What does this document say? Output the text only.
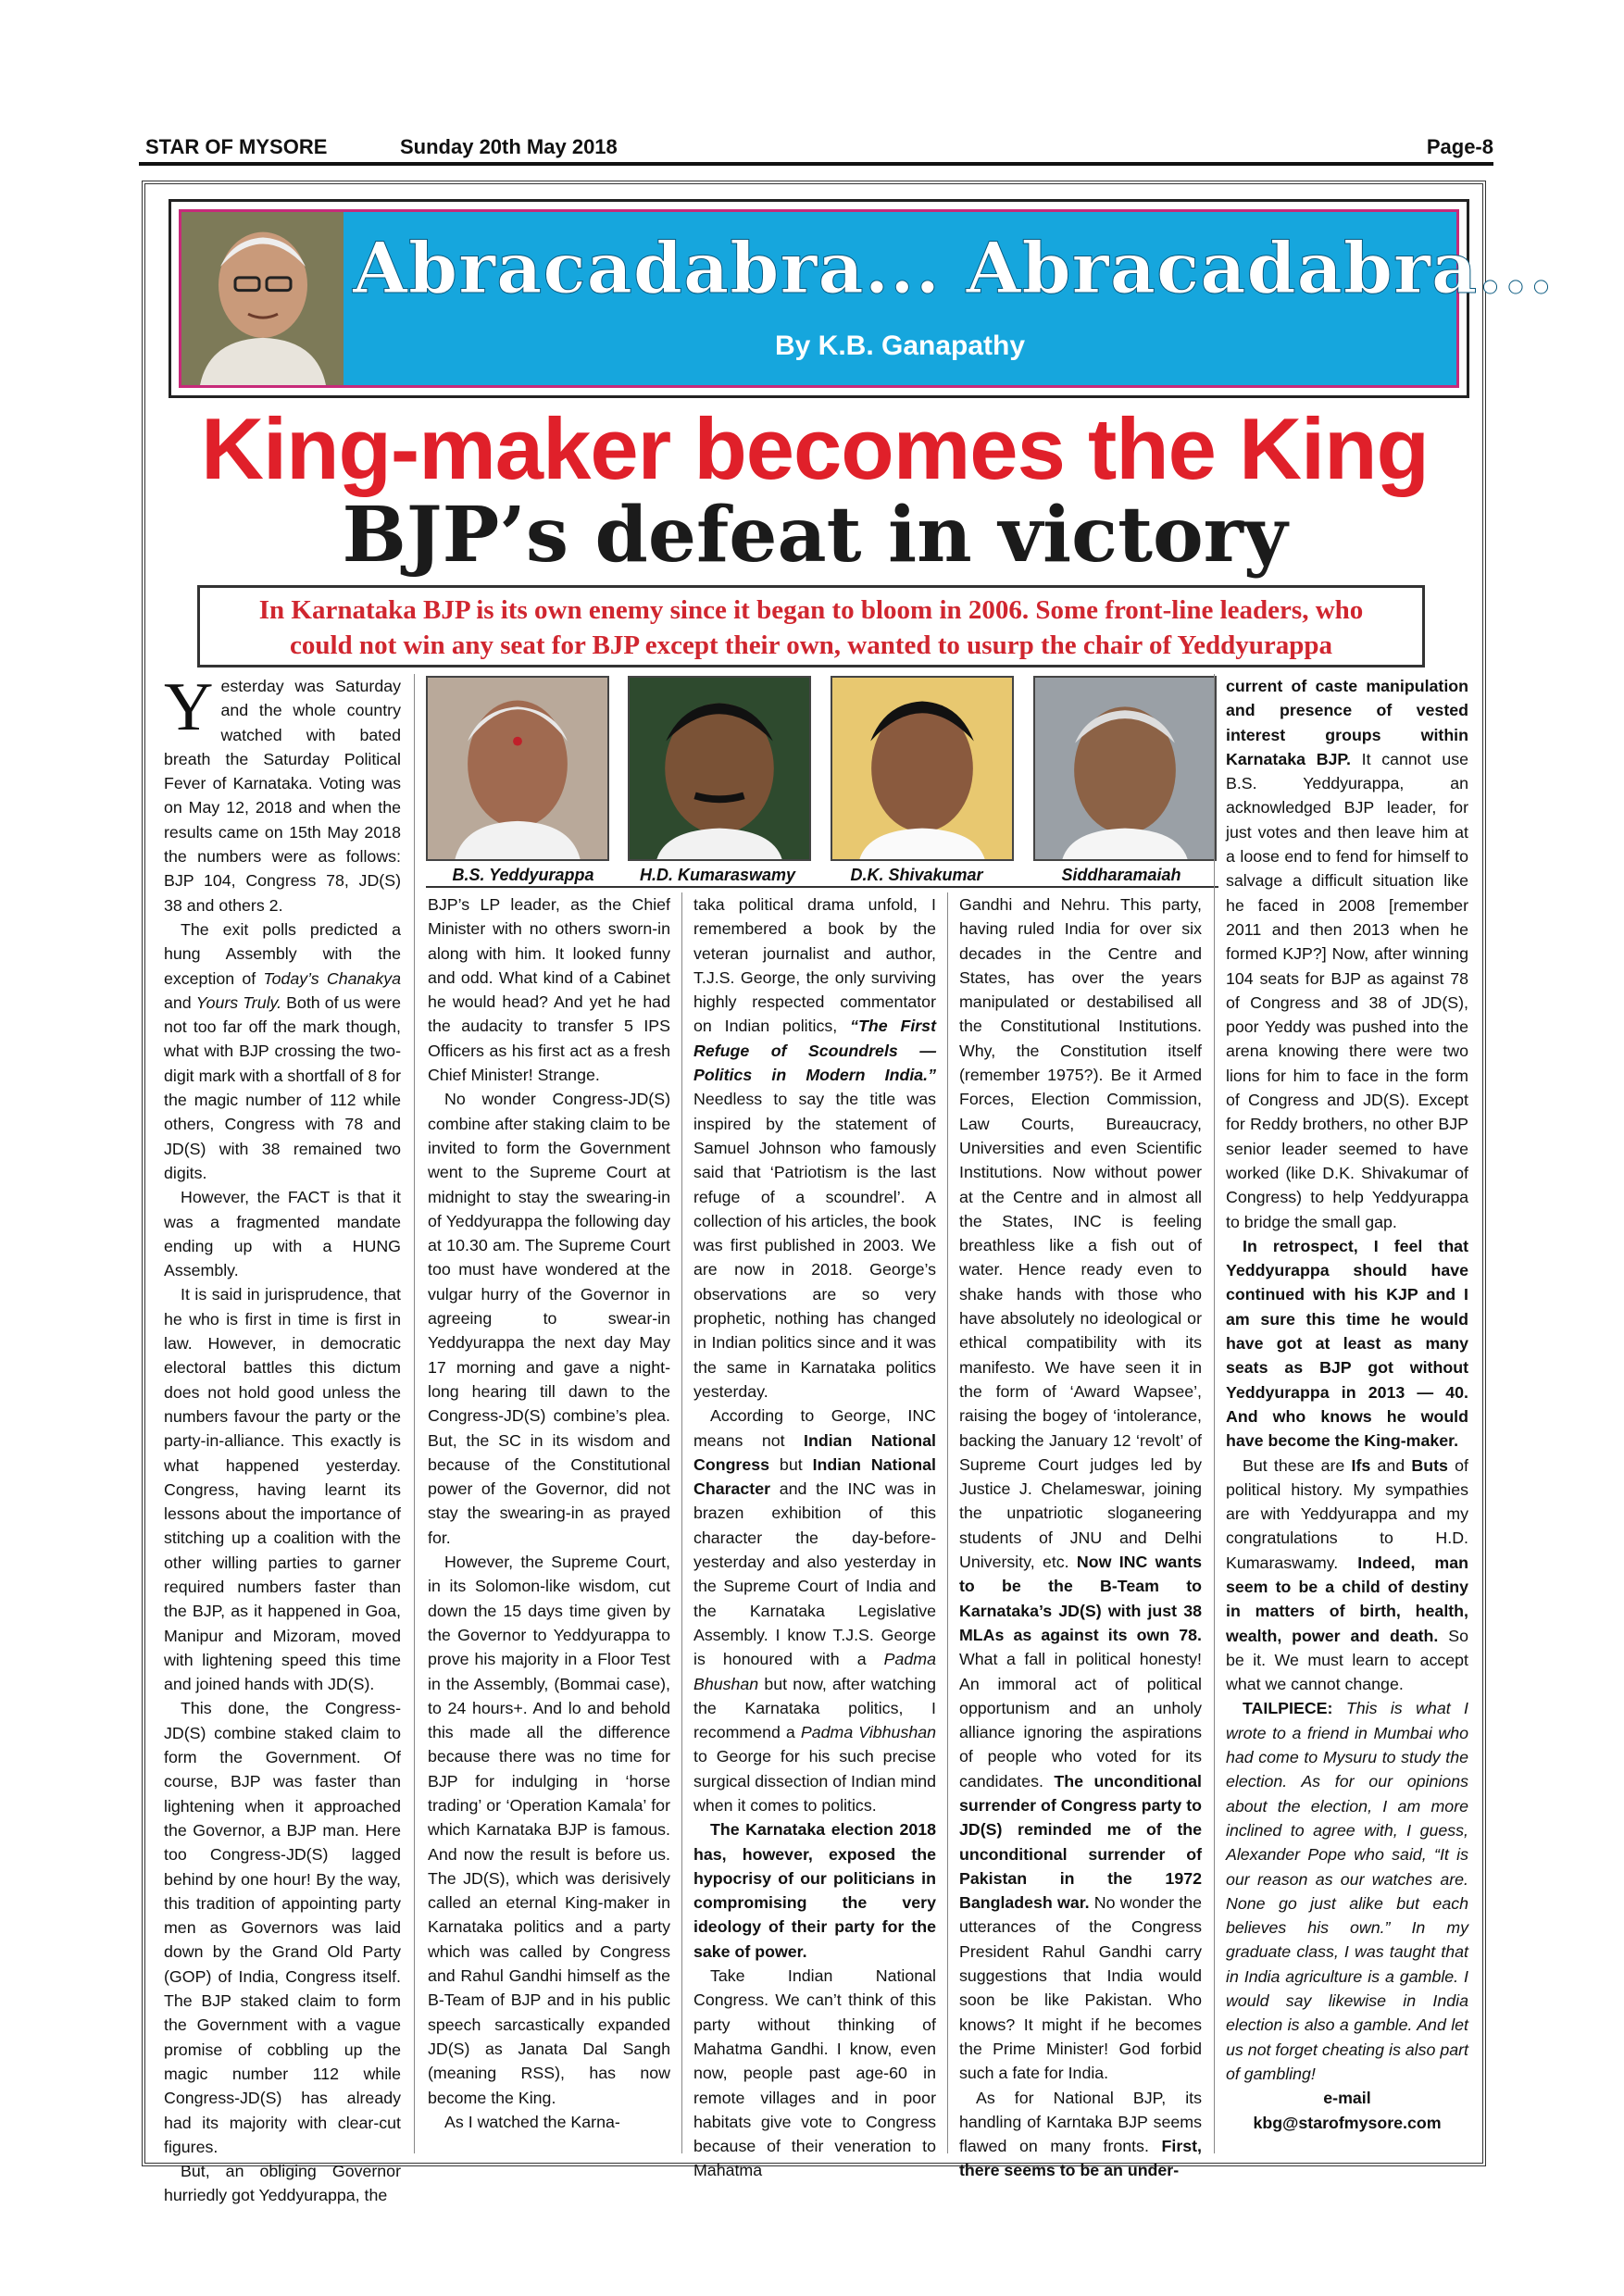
STAR OF MYSORE	Sunday 20th May 2018	Page-8
Abracadabra... Abracadabra...
By K.B. Ganapathy
King-maker becomes the King
BJP’s defeat in victory
In Karnataka BJP is its own enemy since it began to bloom in 2006. Some front-line leaders, who
could not win any seat for BJP except their own, wanted to usurp the chair of Yeddyurappa
B.S. Yeddyurappa	H.D. Kumaraswamy	D.K. Shivakumar	Siddharamaiah

Yesterday was Saturday and the whole country watched with bated breath the Saturday Political Fever of Karnataka. Voting was on May 12, 2018 and when the results came on 15th May 2018 the numbers were as follows: BJP 104, Congress 78, JD(S) 38 and others 2.

The exit polls predicted a hung Assembly with the exception of Today’s Chanakya and Yours Truly. Both of us were not too far off the mark though, what with BJP crossing the two-digit mark with a shortfall of 8 for the magic number of 112 while others, Congress with 78 and JD(S) with 38 remained two digits.

However, the FACT is that it was a fragmented mandate ending up with a HUNG Assembly.

It is said in jurisprudence, that he who is first in time is first in law. However, in democratic electoral battles this dictum does not hold good unless the numbers favour the party or the party-in-alliance. This exactly is what happened yesterday. Congress, having learnt its lessons about the importance of stitching up a coalition with the other willing parties to garner required numbers faster than the BJP, as it happened in Goa, Manipur and Mizoram, moved with lightening speed this time and joined hands with JD(S).

This done, the Congress-JD(S) combine staked claim to form the Government. Of course, BJP was faster than lightening when it approached the Governor, a BJP man. Here too Congress-JD(S) lagged behind by one hour! By the way, this tradition of appointing party men as Governors was laid down by the Grand Old Party (GOP) of India, Congress itself. The BJP staked claim to form the Government with a vague promise of cobbling up the magic number 112 while Congress-JD(S) has already had its majority with clear-cut figures.

But, an obliging Governor hurriedly got Yeddyurappa, the

BJP’s LP leader, as the Chief Minister with no others sworn-in along with him. It looked funny and odd. What kind of a Cabinet he would head? And yet he had the audacity to transfer 5 IPS Officers as his first act as a fresh Chief Minister! Strange.

No wonder Congress-JD(S) combine after staking claim to be invited to form the Government went to the Supreme Court at midnight to stay the swearing-in of Yeddyurappa the following day at 10.30 am. The Supreme Court too must have wondered at the vulgar hurry of the Governor in agreeing to swear-in Yeddyurappa the next day May 17 morning and gave a night-long hearing till dawn to the Congress-JD(S) combine’s plea. But, the SC in its wisdom and because of the Constitutional power of the Governor, did not stay the swearing-in as prayed for.

However, the Supreme Court, in its Solomon-like wisdom, cut down the 15 days time given by the Governor to Yeddyurappa to prove his majority in a Floor Test in the Assembly, (Bommai case), to 24 hours+. And lo and behold this made all the difference because there was no time for BJP for indulging in ‘horse trading’ or ‘Operation Kamala’ for which Karnataka BJP is famous. And now the result is before us. The JD(S), which was derisively called an eternal King-maker in Karnataka politics and a party which was called by Congress and Rahul Gandhi himself as the B-Team of BJP and in his public speech sarcastically expanded JD(S) as Janata Dal Sangh (meaning RSS), has now become the King.

As I watched the Karna-

taka political drama unfold, I remembered a book by the veteran journalist and author, T.J.S. George, the only surviving highly respected commentator on Indian politics, “The First Refuge of Scoundrels — Politics in Modern India.” Needless to say the title was inspired by the statement of Samuel Johnson who famously said that ‘Patriotism is the last refuge of a scoundrel’. A collection of his articles, the book was first published in 2003. We are now in 2018. George’s observations are so very prophetic, nothing has changed in Indian politics since and it was the same in Karnataka politics yesterday.

According to George, INC means not Indian National Congress but Indian National Character and the INC was in brazen exhibition of this character the day-before-yesterday and also yesterday in the Supreme Court of India and the Karnataka Legislative Assembly. I know T.J.S. George is honoured with a Padma Bhushan but now, after watching the Karnataka politics, I recommend a Padma Vibhushan to George for his such precise surgical dissection of Indian mind when it comes to politics.

The Karnataka election 2018 has, however, exposed the hypocrisy of our politicians in compromising the very ideology of their party for the sake of power.

Take Indian National Congress. We can’t think of this party without thinking of Mahatma Gandhi. I know, even now, people past age-60 in remote villages and in poor habitats give vote to Congress because of their veneration to Mahatma

Gandhi and Nehru. This party, having ruled India for over six decades in the Centre and States, has over the years manipulated or destabilised all the Constitutional Institutions. Why, the Constitution itself (remember 1975?). Be it Armed Forces, Election Commission, Law Courts, Bureaucracy, Universities and even Scientific Institutions. Now without power at the Centre and in almost all the States, INC is feeling breathless like a fish out of water. Hence ready even to shake hands with those who have absolutely no ideological or ethical compatibility with its manifesto. We have seen it in the form of ‘Award Wapsee’, raising the bogey of ‘intolerance, backing the January 12 ‘revolt’ of Supreme Court judges led by Justice J. Chelameswar, joining the unpatriotic sloganeering students of JNU and Delhi University, etc. Now INC wants to be the B-Team to Karnataka’s JD(S) with just 38 MLAs as against its own 78. What a fall in political honesty! An immoral act of political opportunism and an unholy alliance ignoring the aspirations of people who voted for its candidates. The unconditional surrender of Congress party to JD(S) reminded me of the unconditional surrender of Pakistan in the 1972 Bangladesh war. No wonder the utterances of the Congress President Rahul Gandhi carry suggestions that India would soon be like Pakistan. Who knows? It might if he becomes the Prime Minister! God forbid such a fate for India.

As for National BJP, its handling of Karntaka BJP seems flawed on many fronts. First, there seems to be an under-

current of caste manipulation and presence of vested interest groups within Karnataka BJP. It cannot use B.S. Yeddyurappa, an acknowledged BJP leader, for just votes and then leave him at a loose end to fend for himself to salvage a difficult situation like he faced in 2008 [remember 2011 and then 2013 when he formed KJP?] Now, after winning 104 seats for BJP as against 78 of Congress and 38 of JD(S), poor Yeddy was pushed into the arena knowing there were two lions for him to face in the form of Congress and JD(S). Except for Reddy brothers, no other BJP senior leader seemed to have worked (like D.K. Shivakumar of Congress) to help Yeddyurappa to bridge the small gap.

In retrospect, I feel that Yeddyurappa should have continued with his KJP and I am sure this time he would have got at least as many seats as BJP got without Yeddyurappa in 2013 — 40. And who knows he would have become the King-maker.

But these are Ifs and Buts of political history. My sympathies are with Yeddyurappa and my congratulations to H.D. Kumaraswamy. Indeed, man seem to be a child of destiny in matters of birth, health, wealth, power and death. So be it. We must learn to accept what we cannot change.

TAILPIECE: This is what I wrote to a friend in Mumbai who had come to Mysuru to study the election. As for our opinions about the election, I am more inclined to agree with, I guess, Alexander Pope who said, “It is our reason as our watches are. None go just alike but each believes his own.” In my graduate class, I was taught that in India agriculture is a gamble. I would say likewise in India election is also a gamble. And let us not forget cheating is also part of gambling!

e-mail

kbg@starofmysore.com
